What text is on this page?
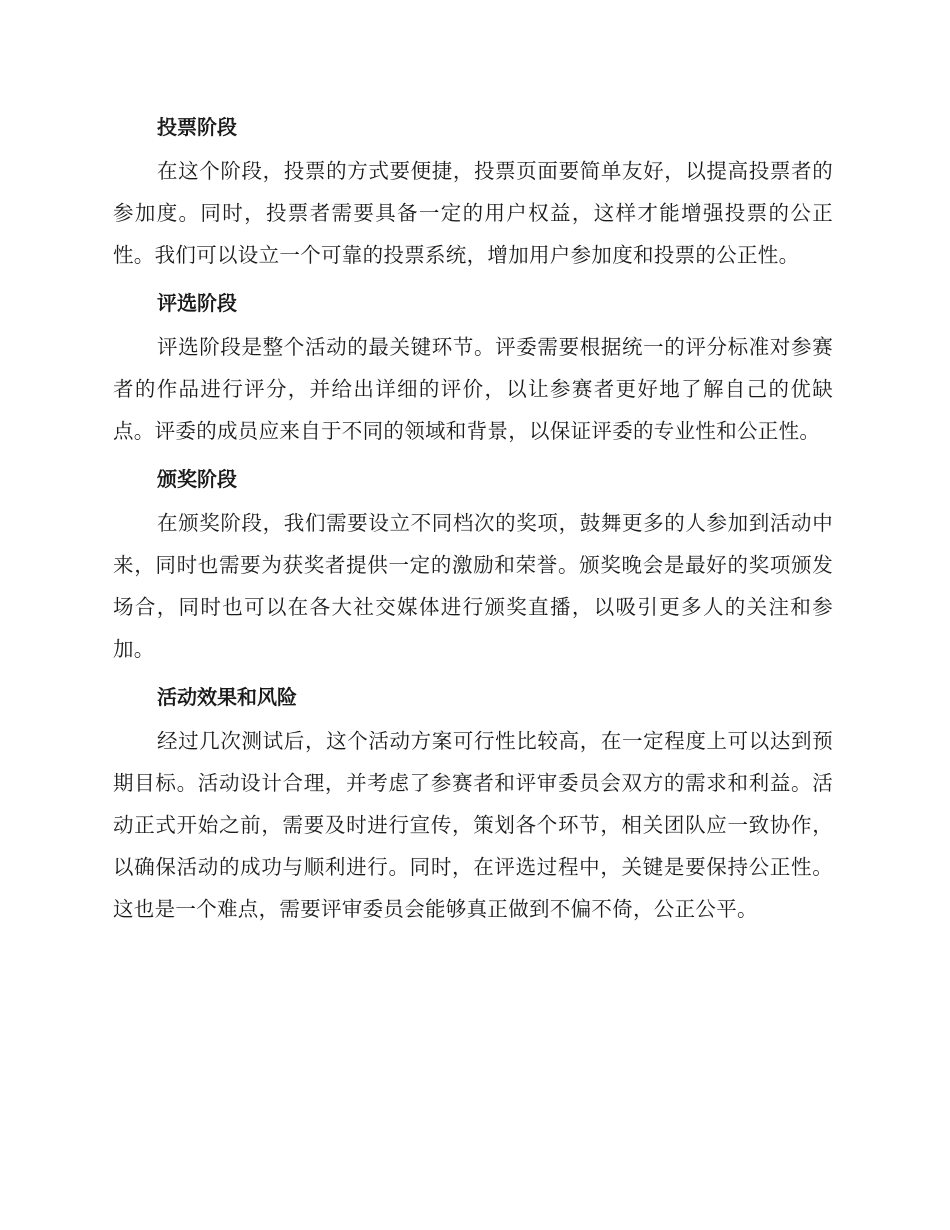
投票阶段

在这个阶段，投票的方式要便捷，投票页面要简单友好，以提高投票者的参加度。同时，投票者需要具备一定的用户权益，这样才能增强投票的公正性。我们可以设立一个可靠的投票系统，增加用户参加度和投票的公正性。

评选阶段

评选阶段是整个活动的最关键环节。评委需要根据统一的评分标准对参赛者的作品进行评分，并给出详细的评价，以让参赛者更好地了解自己的优缺点。评委的成员应来自于不同的领域和背景，以保证评委的专业性和公正性。

颁奖阶段

在颁奖阶段，我们需要设立不同档次的奖项，鼓舞更多的人参加到活动中来，同时也需要为获奖者提供一定的激励和荣誉。颁奖晚会是最好的奖项颁发场合，同时也可以在各大社交媒体进行颁奖直播，以吸引更多人的关注和参加。

活动效果和风险

经过几次测试后，这个活动方案可行性比较高，在一定程度上可以达到预期目标。活动设计合理，并考虑了参赛者和评审委员会双方的需求和利益。活动正式开始之前，需要及时进行宣传，策划各个环节，相关团队应一致协作，以确保活动的成功与顺利进行。同时，在评选过程中，关键是要保持公正性。这也是一个难点，需要评审委员会能够真正做到不偏不倚，公正公平。
